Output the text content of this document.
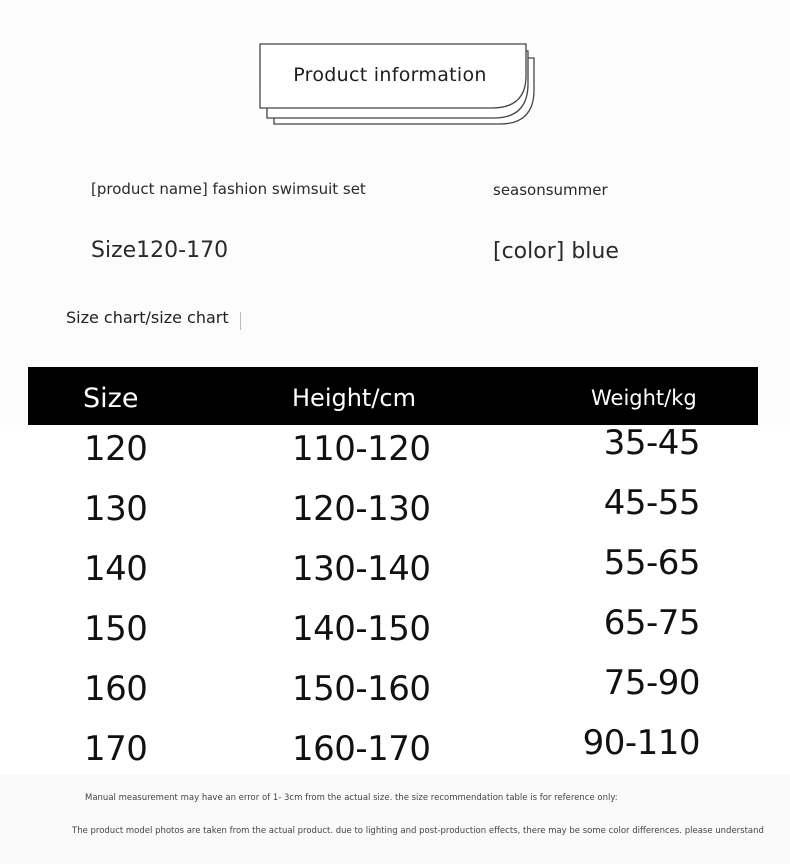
Product information
[product name] fashion swimsuit set	⁣season⁣summer
Size⁣120-170	[color] blue
Size chart/size chart
Size	Height/cm	Weight/kg
120	110-120	35-45
130	120-130	45-55
140	130-140	55-65
150	140-150	65-75
160	150-160	75-90
170	160-170	90-110
Manual measurement may have an error of 1- 3cm from the actual size. the size recommendation table is for reference only:
The product model photos are taken from the actual product. due to lighting and post-production effects, there may be some color differences. please understand
